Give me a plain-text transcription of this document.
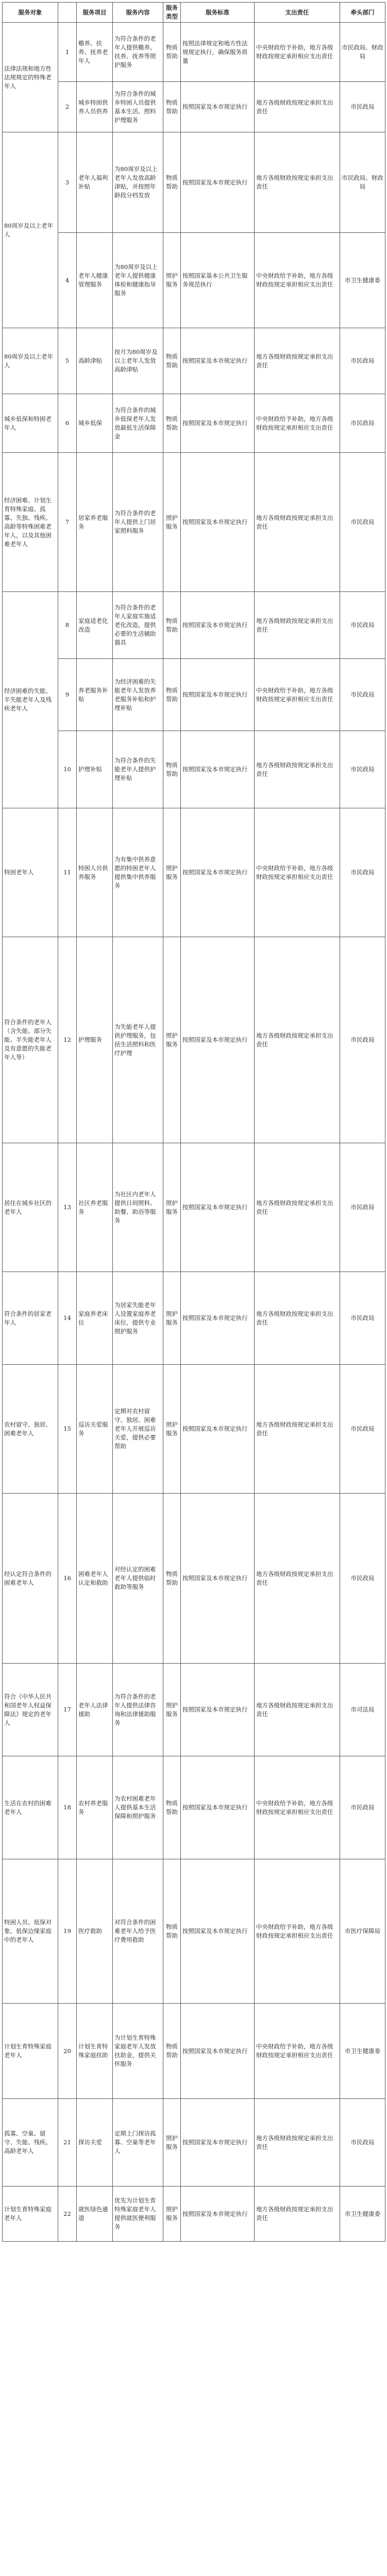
服务对象		服务项目	服务内容	服务类型	服务标准	支出责任	牵头部门
法律法规和地方性法规规定的特殊老年人	1	赡养、扶养、抚养老年人	为符合条件的老年人提供赡养、扶养、抚养等照护服务	物质帮助	按照法律规定和地方性法规规定执行，确保服务质量	中央财政给予补助，地方各级财政按规定承担相应支出责任	市民政局、财政局
	2	城乡特困供养人员供养	为符合条件的城乡特困人员提供基本生活、照料护理服务	物质帮助	按照国家及本市规定执行	地方各级财政按规定承担支出责任	市民政局
80周岁及以上老年人	3	老年人福利补贴	为80周岁及以上老年人发放高龄津贴，并按照年龄段分档发放	物质帮助	按照国家及本市规定执行	地方各级财政按规定承担支出责任	市民政局、财政局
	4	老年人健康管理服务	为80周岁及以上老年人提供健康体检和健康指导服务	照护服务	按照国家基本公共卫生服务规范执行	中央财政给予补助，地方各级财政按规定承担相应支出责任	市卫生健康委
80周岁及以上老年人	5	高龄津贴	按月为80周岁及以上老年人发放高龄津贴	物质帮助	按照国家及本市规定执行	地方各级财政按规定承担支出责任	市民政局
城乡低保和特困老年人	6	城乡低保	为符合条件的城乡低保老年人发放最低生活保障金	物质帮助	按照国家及本市规定执行	中央财政给予补助，地方各级财政按规定承担相应支出责任	市民政局
经济困难、计划生育特殊家庭、孤寡、失独、残疾、高龄等特殊困难老年人，以及其他困难老年人	7	居家养老服务	为符合条件的老年人提供上门居家照料服务	照护服务	按照国家及本市规定执行	地方各级财政按规定承担支出责任	市民政局
经济困难的失能、半失能老年人及残疾老年人	8	家庭适老化改造	为符合条件的老年人家庭实施适老化改造，提供必要的生活辅助器具	物质帮助	按照国家及本市规定执行	地方各级财政按规定承担支出责任	市民政局
	9	养老服务补贴	为经济困难的失能老年人发放养老服务补贴和护理补贴	物质帮助	按照国家及本市规定执行	中央财政给予补助，地方各级财政按规定承担相应支出责任	市民政局
	10	护理补贴	为符合条件的失能老年人提供护理补贴	物质帮助	按照国家及本市规定执行	地方各级财政按规定承担支出责任	市民政局
特困老年人	11	特困人员供养服务	为有集中供养意愿的特困老年人提供集中供养服务	照护服务	按照国家及本市规定执行	中央财政给予补助，地方各级财政按规定承担相应支出责任	市民政局
符合条件的老年人（含失能、部分失能、半失能老年人及有意愿的失能老年人等）	12	护理服务	为失能老年人提供护理服务，包括生活照料和医疗护理	照护服务	按照国家及本市规定执行	地方各级财政按规定承担支出责任	市民政局
居住在城乡社区的老年人	13	社区养老服务	为社区内老年人提供日间照料、助餐、助浴等服务	照护服务	按照国家及本市规定执行	地方各级财政按规定承担支出责任	市民政局
符合条件的居家老年人	14	家庭养老床位	为居家失能老年人设置家庭养老床位，提供专业照护服务	照护服务	按照国家及本市规定执行	地方各级财政按规定承担支出责任	市民政局
农村留守、独居、困难老年人	15	巡访关爱服务	定期对农村留守、独居、困难老年人开展巡访关爱，提供必要帮助	照护服务	按照国家及本市规定执行	地方各级财政按规定承担支出责任	市民政局
经认定符合条件的困难老年人	16	困难老年人认定和救助	对经认定的困难老年人提供临时救助等服务	物质帮助	按照国家及本市规定执行	地方各级财政按规定承担支出责任	市民政局
符合《中华人民共和国老年人权益保障法》规定的老年人	17	老年人法律援助	为符合条件的老年人提供法律咨询和法律援助服务	照护服务	按照国家及本市规定执行	地方各级财政按规定承担支出责任	市司法局
生活在农村的困难老年人	18	农村养老服务	为农村困难老年人提供基本生活保障和照护服务	物质帮助	按照国家及本市规定执行	中央财政给予补助，地方各级财政按规定承担相应支出责任	市民政局
特困人员、低保对象、低保边缘家庭中的老年人	19	医疗救助	对符合条件的困难老年人给予医疗费用救助	物质帮助	按照国家及本市规定执行	中央财政给予补助，地方各级财政按规定承担相应支出责任	市医疗保障局
计划生育特殊家庭老年人	20	计划生育特殊家庭扶助	为计划生育特殊家庭老年人发放扶助金，提供关怀服务	物质帮助	按照国家及本市规定执行	中央财政给予补助，地方各级财政按规定承担相应支出责任	市卫生健康委
孤寡、空巢、留守、失能、残疾、高龄老年人	21	探访关爱	定期上门探访孤寡、空巢等老年人	照护服务	按照国家及本市规定执行	地方各级财政按规定承担支出责任	市民政局
计划生育特殊家庭老年人	22	就医绿色通道	优先为计划生育特殊家庭老年人提供就医便利服务	照护服务	按照国家及本市规定执行	地方各级财政按规定承担支出责任	市卫生健康委
